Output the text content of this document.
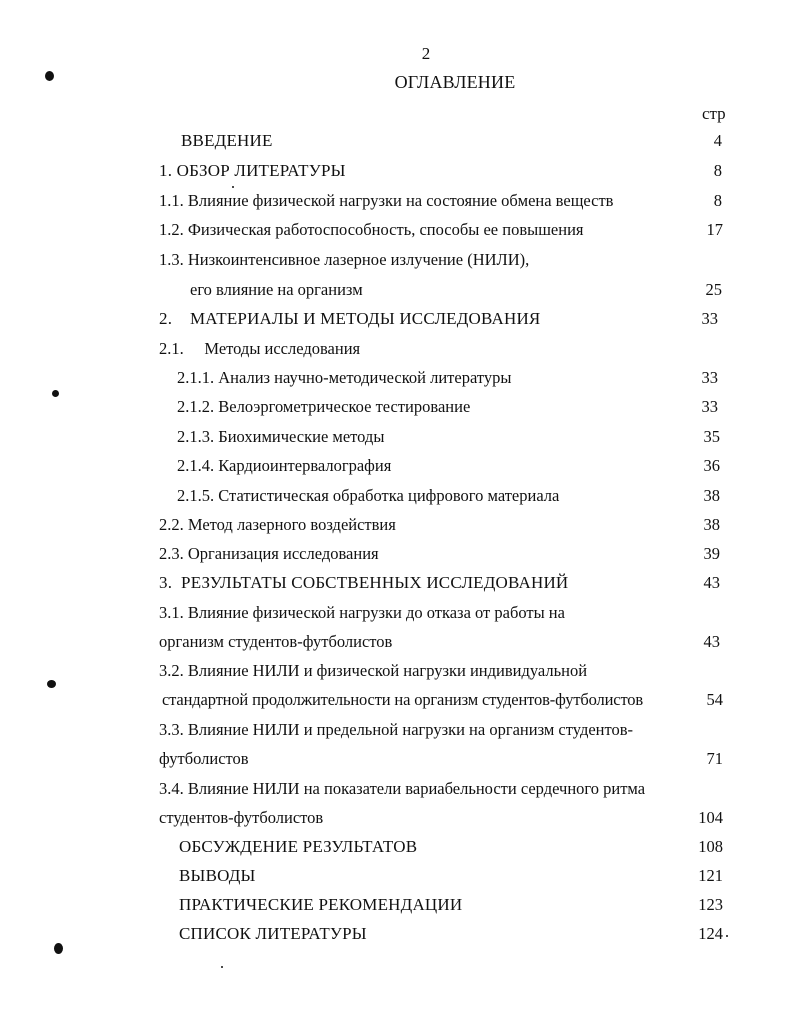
2
ОГЛАВЛЕНИЕ
стр
ВВЕДЕНИЕ	4
1. ОБЗОР ЛИТЕРАТУРЫ	8
1.1. Влияние физической нагрузки на состояние обмена веществ	8
1.2. Физическая работоспособность, способы ее повышения	17
1.3. Низкоинтенсивное лазерное излучение (НИЛИ),
его влияние на организм	25
2.    МАТЕРИАЛЫ И МЕТОДЫ ИССЛЕДОВАНИЯ	33
2.1.     Методы исследования
2.1.1. Анализ научно-методической литературы	33
2.1.2. Велоэргометрическое тестирование	33
2.1.3. Биохимические методы	35
2.1.4. Кардиоинтервалография	36
2.1.5. Статистическая обработка цифрового материала	38
2.2. Метод лазерного воздействия	38
2.3. Организация исследования	39
3.  РЕЗУЛЬТАТЫ СОБСТВЕННЫХ ИССЛЕДОВАНИЙ	43
3.1. Влияние физической нагрузки до отказа от работы на
организм студентов-футболистов	43
3.2. Влияние НИЛИ и физической нагрузки индивидуальной
стандартной продолжительности на организм студентов-футболистов	54
3.3. Влияние НИЛИ и предельной нагрузки на организм студентов-
футболистов	71
3.4. Влияние НИЛИ на показатели вариабельности сердечного ритма
студентов-футболистов	104
ОБСУЖДЕНИЕ РЕЗУЛЬТАТОВ	108
ВЫВОДЫ	121
ПРАКТИЧЕСКИЕ РЕКОМЕНДАЦИИ	123
СПИСОК ЛИТЕРАТУРЫ	124
